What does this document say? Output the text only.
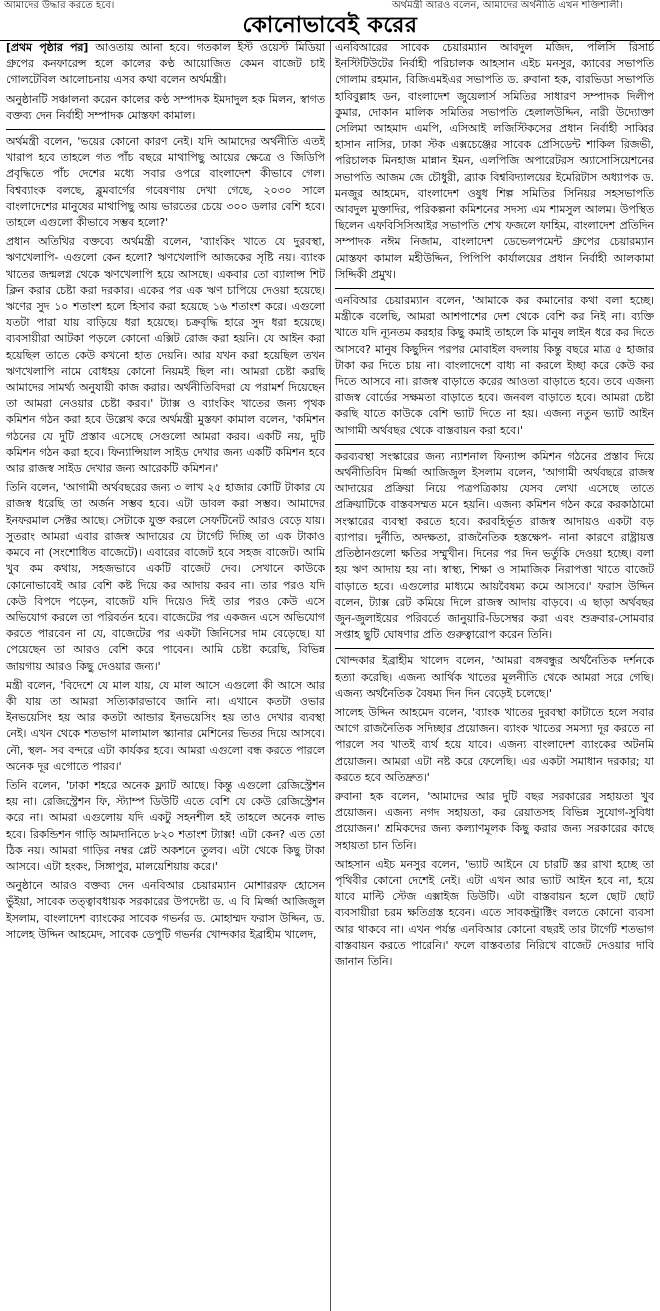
আমাদের উদ্ধার করতে হবে।	অর্থমন্ত্রী আরও বলেন, আমাদের অর্থনীতি এখন শক্তিশালী।
কোনোভাবেই করের

[প্রথম পৃষ্ঠার পর] আওতায় আনা হবে। গতকাল ইস্ট ওয়েস্ট মিডিয়া গ্রুপের কনফারেন্স হলে কালের কণ্ঠ আয়োজিত কেমন বাজেট চাই গোলটেবিল আলোচনায় এসব কথা বলেন অর্থমন্ত্রী।

অনুষ্ঠানটি সঞ্চালনা করেন কালের কণ্ঠ সম্পাদক ইমদাদুল হক মিলন, স্বাগত বক্তব্য দেন নির্বাহী সম্পাদক মোস্তফা কামাল।

অর্থমন্ত্রী বলেন, 'ভয়ের কোনো কারণ নেই। যদি আমাদের অর্থনীতি এতই খারাপ হবে তাহলে গত পাঁচ বছরে মাথাপিছু আয়ের ক্ষেত্রে ও জিডিপি প্রবৃদ্ধিতে পাঁচ দেশের মধ্যে সবার ওপরে বাংলাদেশ কীভাবে গেল। বিশ্বব্যাংক বলছে, ব্লুমবার্গের গবেষণায় দেখা গেছে, ২০৩০ সালে বাংলাদেশের মানুষের মাথাপিছু আয় ভারতের চেয়ে ৩০০ ডলার বেশি হবে। তাহলে এগুলো কীভাবে সম্ভব হলো?'

প্রধান অতিথির বক্তব্যে অর্থমন্ত্রী বলেন, 'ব্যাংকিং খাতে যে দুরবস্থা, ঋণখেলাপি- এগুলো কেন হলো? ঋণখেলাপি আজকের সৃষ্টি নয়। ব্যাংক খাতের জন্মলগ্ন থেকে ঋণখেলাপি হয়ে আসছে। একবার তো ব্যালান্স শিট ক্লিন করার চেষ্টা করা দরকার। একের পর এক ঋণ চাপিয়ে দেওয়া হয়েছে। ঋণের সুদ ১০ শতাংশ হলে হিসাব করা হয়েছে ১৬ শতাংশ করে। এগুলো যতটা পারা যায় বাড়িয়ে ধরা হয়েছে। চক্রবৃদ্ধি হারে সুদ ধরা হয়েছে। ব্যবসায়ীরা আটকা পড়লে কোনো এক্সিট রোজ করা হয়নি। যে আইন করা হয়েছিল তাতে কেউ কখনো হাত দেয়নি। আর যখন করা হয়েছিল তখন ঋণখেলাপি নামে বোধহয় কোনো নিয়মই ছিল না। আমরা চেষ্টা করছি আমাদের সামর্থ্য অনুযায়ী কাজ করার। অর্থনীতিবিদরা যে পরামর্শ দিয়েছেন তা আমরা নেওয়ার চেষ্টা করব।' ট্যাক্স ও ব্যাংকিং খাতের জন্য পৃথক কমিশন গঠন করা হবে উল্লেখ করে অর্থমন্ত্রী মুস্তফা কামাল বলেন, 'কমিশন গঠনের যে দুটি প্রস্তাব এসেছে সেগুলো আমরা করব। একটি নয়, দুটি কমিশন গঠন করা হবে। ফিন্যান্সিয়াল সাইড দেখার জন্য একটি কমিশন হবে আর রাজস্ব সাইড দেখার জন্য আরেকটি কমিশন।'

তিনি বলেন, 'আগামী অর্থবছরের জন্য ৩ লাখ ২৫ হাজার কোটি টাকার যে রাজস্ব ধরেছি তা অর্জন সম্ভব হবে। এটা ডাবল করা সম্ভব। আমাদের ইনফরমাল সেক্টর আছে। সেটাকে যুক্ত করলে সেফটিনেট আরও বেড়ে যায়। সুতরাং আমরা এবার রাজস্ব আদায়ের যে টার্গেট দিচ্ছি তা এক টাকাও কমবে না (সংশোধিত বাজেটে)। এবারের বাজেট হবে সহজ বাজেট। আমি খুব কম কথায়, সহজভাবে একটি বাজেট দেব। সেখানে কাউকে কোনোভাবেই আর বেশি কষ্ট দিয়ে কর আদায় করব না। তার পরও যদি কেউ বিপদে পড়েন, বাজেট যদি দিয়েও দিই তার পরও কেউ এসে অভিযোগ করলে তা পরিবর্তন হবে। বাজেটের পর একজন এসে অভিযোগ করতে পারবেন না যে, বাজেটের পর একটা জিনিসের দাম বেড়েছে। যা পেয়েছেন তা আরও বেশি করে পাবেন। আমি চেষ্টা করেছি, বিভিন্ন জায়গায় আরও কিছু দেওয়ার জন্য।'

মন্ত্রী বলেন, 'বিদেশে যে মাল যায়, যে মাল আসে এগুলো কী আসে আর কী যায় তা আমরা সত্যিকারভাবে জানি না। এখানে কতটা ওভার ইনভয়েসিং হয় আর কতটা আন্ডার ইনভয়েসিং হয় তাও দেখার ব্যবস্থা নেই। এখন থেকে শতভাগ মালামাল স্ক্যানার মেশিনের ভিতর দিয়ে আসবে। নৌ, স্থল- সব বন্দরে এটা কার্যকর হবে। আমরা এগুলো বন্ধ করতে পারলে অনেক দূর এগোতে পারব।'

তিনি বলেন, 'ঢাকা শহরে অনেক ফ্ল্যাট আছে। কিন্তু এগুলো রেজিস্ট্রেশন হয় না। রেজিস্ট্রেশন ফি, স্ট্যাম্প ডিউটি এতে বেশি যে কেউ রেজিস্ট্রেশন করে না। আমরা এগুলোয় যদি একটু সহনশীল হই তাহলে অনেক লাভ হবে। রিকন্ডিশন গাড়ি আমদানিতে ৮২০ শতাংশ ট্যাক্স! এটা কেন? এত তো ঠিক নয়। আমরা গাড়ির নম্বর প্লেট অকশনে তুলব। এটা থেকে কিছু টাকা আসবে। এটা হংকং, সিঙ্গাপুর, মালয়েশিয়ায় করে।'

অনুষ্ঠানে আরও বক্তব্য দেন এনবিআর চেয়ারম্যান মোশাররফ হোসেন ভুঁইয়া, সাবেক তত্ত্বাবধায়ক সরকারের উপদেষ্টা ড. এ বি মির্জ্জা আজিজুল ইসলাম, বাংলাদেশ ব্যাংকের সাবেক গভর্নর ড. মোহাম্মদ ফরাস উদ্দিন, ড. সালেহ উদ্দিন আহমেদ, সাবেক ডেপুটি গভর্নর খোন্দকার ইব্রাহীম খালেদ,

এনবিআরের সাবেক চেয়ারম্যান আবদুল মজিদ, পলিসি রিসার্চ ইনস্টিটিউটের নির্বাহী পরিচালক আহসান এইচ মনসুর, ক্যাবের সভাপতি গোলাম রহমান, বিজিএমইএর সভাপতি ড. রুবানা হক, বারভিডা সভাপতি হাবিবুল্লাহ ডন, বাংলাদেশ জুয়েলার্স সমিতির সাধারণ সম্পাদক দিলীপ কুমার, দোকান মালিক সমিতির সভাপতি হেলালউদ্দিন, নারী উদ্যোক্তা সেলিমা আহমাদ এমপি, এসিআই লজিস্টিকসের প্রধান নির্বাহী সাব্বির হাসান নাসির, ঢাকা স্টক এক্সচেঞ্জের সাবেক প্রেসিডেন্ট শাকিল রিজভী, পরিচালক মিনহাজ মান্নান ইমন, এলপিজি অপারেটরস অ্যাসোসিয়েশনের সভাপতি আজম জে চৌধুরী, ব্র্যাক বিশ্ববিদ্যালয়ের ইমেরিটাস অধ্যাপক ড. মনজুর আহমেদ, বাংলাদেশ ওষুধ শিল্প সমিতির সিনিয়র সহসভাপতি আবদুল মুক্তাদির, পরিকল্পনা কমিশনের সদস্য এম শামসুল আলম। উপস্থিত ছিলেন এফবিসিসিআইর সভাপতি শেখ ফজলে ফাহিম, বাংলাদেশ প্রতিদিন সম্পাদক নঈম নিজাম, বাংলাদেশ ডেভেলপমেন্ট গ্রুপের চেয়ারম্যান মোস্তফা কামাল মহীউদ্দিন, পিপিপি কার্যালয়ের প্রধান নির্বাহী আলকামা সিদ্দিকী প্রমুখ।

এনবিআর চেয়ারম্যান বলেন, 'আমাকে কর কমানোর কথা বলা হচ্ছে। মন্ত্রীকে বলেছি, আমরা আশপাশের দেশ থেকে বেশি কর নিই না। ব্যক্তি খাতে যদি ন্যূনতম করহার কিছু কমাই তাহলে কি মানুষ লাইন ধরে কর দিতে আসবে? মানুষ কিছুদিন পরপর মোবাইল বদলায় কিন্তু বছরে মাত্র ৫ হাজার টাকা কর দিতে চায় না। বাংলাদেশে বাধ্য না করলে ইচ্ছা করে কেউ কর দিতে আসবে না। রাজস্ব বাড়াতে করের আওতা বাড়াতে হবে। তবে এজন্য রাজস্ব বোর্ডের সক্ষমতা বাড়াতে হবে। জনবল বাড়াতে হবে। আমরা চেষ্টা করছি যাতে কাউকে বেশি ভ্যাট দিতে না হয়। এজন্য নতুন ভ্যাট আইন আগামী অর্থবছর থেকে বাস্তবায়ন করা হবে।'

করব্যবস্থা সংস্কারের জন্য ন্যাশনাল ফিন্যান্স কমিশন গঠনের প্রস্তাব দিয়ে অর্থনীতিবিদ মির্জ্জা আজিজুল ইসলাম বলেন, 'আগামী অর্থবছরে রাজস্ব আদায়ের প্রক্রিয়া নিয়ে পত্রপত্রিকায় যেসব লেখা এসেছে তাতে প্রক্রিয়াটিকে বাস্তবসম্মত মনে হয়নি। এজন্য কমিশন গঠন করে করকাঠামো সংস্কারের ব্যবস্থা করতে হবে। করবহির্ভূত রাজস্ব আদায়ও একটা বড় ব্যাপার। দুর্নীতি, অদক্ষতা, রাজনৈতিক হস্তক্ষেপ- নানা কারণে রাষ্ট্রায়ত্ত প্রতিষ্ঠানগুলো ক্ষতির সম্মুখীন। দিনের পর দিন ভর্তুকি দেওয়া হচ্ছে। বলা হয় ঋণ আদায় হয় না। স্বাস্থ্য, শিক্ষা ও সামাজিক নিরাপত্তা খাতে বাজেট বাড়াতে হবে। এগুলোর মাধ্যমে আয়বৈষম্য কমে আসবে।' ফরাস উদ্দিন বলেন, ট্যাক্স রেট কমিয়ে দিলে রাজস্ব আদায় বাড়বে। এ ছাড়া অর্থবছর জুন-জুলাইয়ের পরিবর্তে জানুয়ারি-ডিসেম্বর করা এবং শুক্রবার-সোমবার সপ্তাহ ছুটি ঘোষণার প্রতি গুরুত্বারোপ করেন তিনি।

খোন্দকার ইব্রাহীম খালেদ বলেন, 'আমরা বঙ্গবন্ধুর অর্থনৈতিক দর্শনকে হত্যা করেছি। এজন্য আর্থিক খাতের মূলনীতি থেকে আমরা সরে গেছি। এজন্য অর্থনৈতিক বৈষম্য দিন দিন বেড়েই চলেছে।'

সালেহ উদ্দিন আহমেদ বলেন, 'ব্যাংক খাতের দুরবস্থা কাটাতে হলে সবার আগে রাজনৈতিক সদিচ্ছার প্রয়োজন। ব্যাংক খাতের সমস্যা দূর করতে না পারলে সব খাতই ব্যর্থ হয়ে যাবে। এজন্য বাংলাদেশ ব্যাংকের অটনমি প্রয়োজন। আমরা এটা নষ্ট করে ফেলেছি। এর একটা সমাধান দরকার; যা করতে হবে অতিদ্রুত।'

রুবানা হক বলেন, 'আমাদের আর দুটি বছর সরকারের সহায়তা খুব প্রয়োজন। এজন্য নগদ সহায়তা, কর রেয়াতসহ বিভিন্ন সুযোগ-সুবিধা প্রয়োজন।' শ্রমিকদের জন্য কল্যাণমূলক কিছু করার জন্য সরকারের কাছে সহায়তা চান তিনি।

আহসান এইচ মনসুর বলেন, 'ভ্যাট আইনে যে চারটি স্তর রাখা হচ্ছে তা পৃথিবীর কোনো দেশেই নেই। এটা এখন আর ভ্যাট আইন হবে না, হয়ে যাবে মাল্টি স্টেজ এক্সাইজ ডিউটি। এটা বাস্তবায়ন হলে ছোট ছোট ব্যবসায়ীরা চরম ক্ষতিগ্রস্ত হবেন। এতে সাবকন্ট্রাক্টিং বলতে কোনো ব্যবসা আর থাকবে না। এখন পর্যন্ত এনবিআর কোনো বছরই তার টার্গেট শতভাগ বাস্তবায়ন করতে পারেনি।' ফলে বাস্তবতার নিরিখে বাজেট দেওয়ার দাবি জানান তিনি।
